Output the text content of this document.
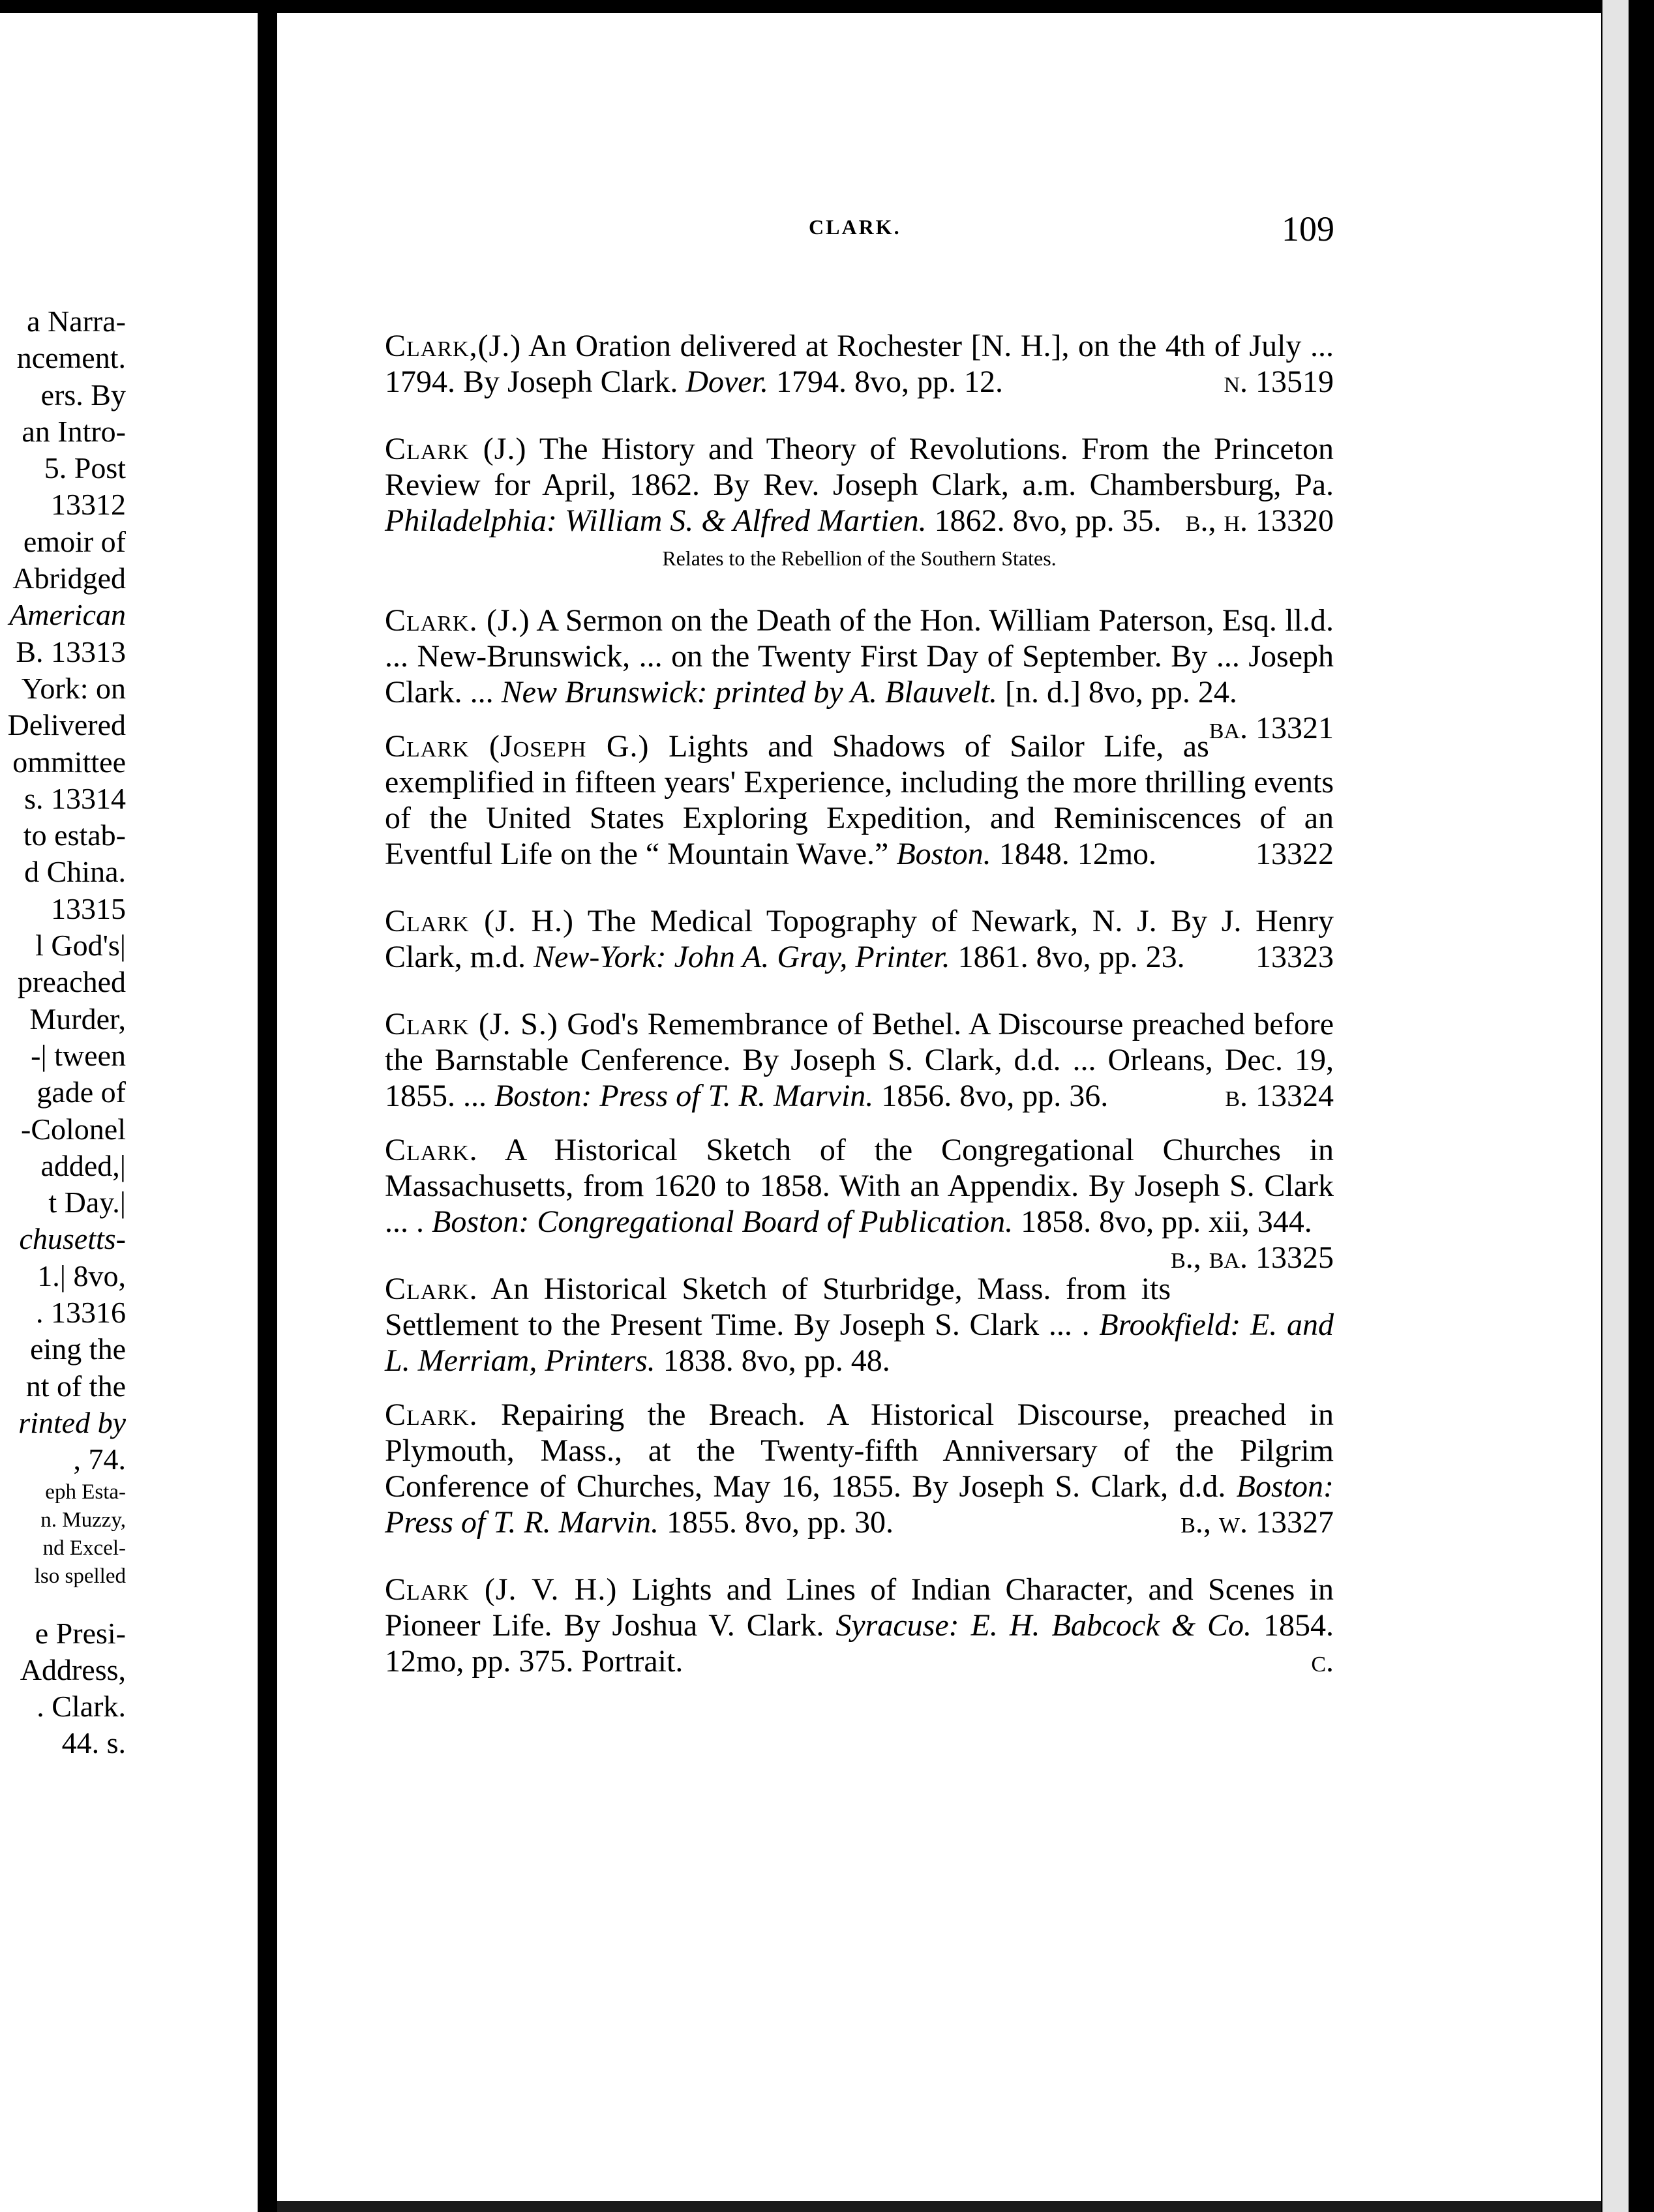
a Narra-
ncement.
ers. By
an Intro-
5. Post
13312
emoir of
Abridged
American
B. 13313
York: on
Delivered
ommittee
s. 13314
to estab-
d China.
13315
l God's|
preached
Murder,
-| tween
gade of
-Colonel
added,|
t Day.|
chusetts-
1.| 8vo,
. 13316
eing the
nt of the
rinted by
, 74.
eph Esta-
n. Muzzy,
nd Excel-
lso spelled
e Presi-
Address,
. Clark.
44. s.
CLARK.	109

Clark,(J.) An Oration delivered at Rochester [N. H.], on the 4th of July ... 1794. By Joseph Clark. Dover. 1794. 8vo, pp. 12.	n. 13519

Clark (J.) The History and Theory of Revolutions. From the Princeton Review for April, 1862. By Rev. Joseph Clark, a.m. Chambersburg, Pa. Philadelphia: William S. & Alfred Martien. 1862. 8vo, pp. 35. b., h. 13320

Relates to the Rebellion of the Southern States.

Clark. (J.) A Sermon on the Death of the Hon. William Paterson, Esq. ll.d. ... New-Brunswick, ... on the Twenty First Day of September. By ... Joseph Clark. ... New Brunswick: printed by A. Blauvelt. [n. d.] 8vo, pp. 24.
ba. 13321

Clark (Joseph G.) Lights and Shadows of Sailor Life, as exemplified in fifteen years' Experience, including the more thrilling events of the United States Exploring Expedition, and Reminiscences of an Eventful Life on the “ Mountain Wave.” Boston. 1848. 12mo.	13322

Clark (J. H.) The Medical Topography of Newark, N. J. By J. Henry Clark, m.d. New-York: John A. Gray, Printer. 1861. 8vo, pp. 23. 13323

Clark (J. S.) God's Remembrance of Bethel. A Discourse preached before the Barnstable Cenference. By Joseph S. Clark, d.d. ... Orleans, Dec. 19, 1855. ... Boston: Press of T. R. Marvin. 1856. 8vo, pp. 36.	b. 13324

Clark. A Historical Sketch of the Congregational Churches in Massachusetts, from 1620 to 1858. With an Appendix. By Joseph S. Clark ... . Boston: Congregational Board of Publication. 1858. 8vo, pp. xii, 344.
b., ba. 13325

Clark. An Historical Sketch of Sturbridge, Mass. from its Settlement to the Present Time. By Joseph S. Clark ... . Brookfield: E. and L. Merriam, Printers. 1838. 8vo, pp. 48.

Clark. Repairing the Breach. A Historical Discourse, preached in Plymouth, Mass., at the Twenty-fifth Anniversary of the Pilgrim Conference of Churches, May 16, 1855. By Joseph S. Clark, d.d. Boston: Press of T. R. Marvin. 1855. 8vo, pp. 30.	b., w. 13327

Clark (J. V. H.) Lights and Lines of Indian Character, and Scenes in Pioneer Life. By Joshua V. Clark. Syracuse: E. H. Babcock & Co. 1854. 12mo, pp. 375. Portrait.	c.
